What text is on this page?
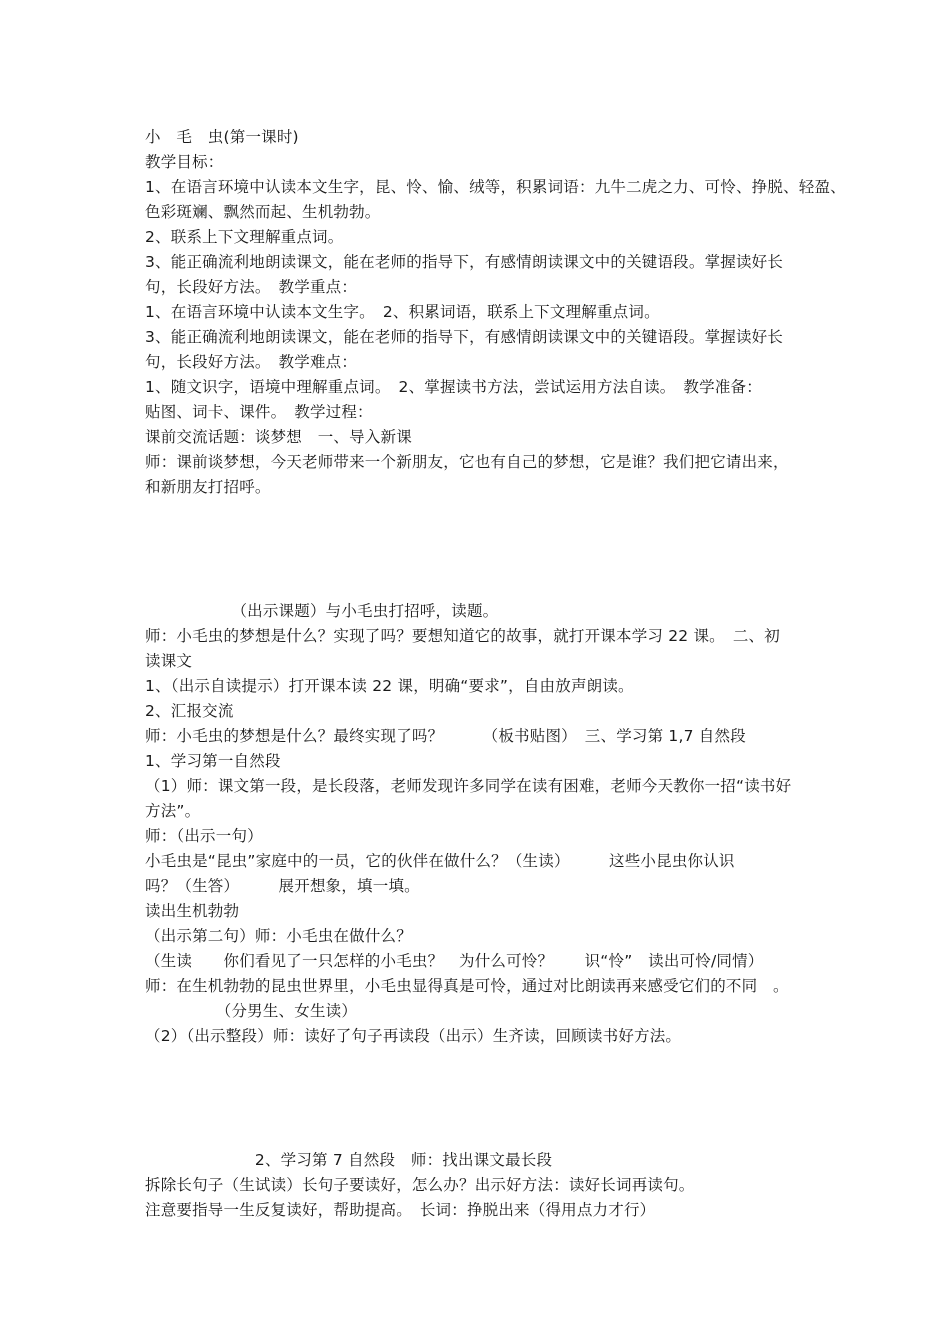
小　毛　虫(第一课时)
教学目标：
1、在语言环境中认读本文生字，昆、怜、愉、绒等，积累词语：九牛二虎之力、可怜、挣脱、轻盈、
色彩斑斓、飘然而起、生机勃勃。
2、联系上下文理解重点词。
3、能正确流利地朗读课文，能在老师的指导下，有感情朗读课文中的关键语段。掌握读好长
句，长段好方法。　教学重点：
1、在语言环境中认读本文生字。　2、积累词语，联系上下文理解重点词。
3、能正确流利地朗读课文，能在老师的指导下，有感情朗读课文中的关键语段。掌握读好长
句，长段好方法。　教学难点：
1、随文识字，语境中理解重点词。　2、掌握读书方法，尝试运用方法自读。　教学准备：
贴图、词卡、课件。　教学过程：
课前交流话题：谈梦想　一、导入新课
师：课前谈梦想，今天老师带来一个新朋友，它也有自己的梦想，它是谁？我们把它请出来，
和新朋友打招呼。
　　　　　　（出示课题）与小毛虫打招呼，读题。
师：小毛虫的梦想是什么？实现了吗？要想知道它的故事，就打开课本学习 22 课。　二、初
读课文
1、（出示自读提示）打开课本读 22 课，明确“要求”，自由放声朗读。
2、汇报交流
师：小毛虫的梦想是什么？最终实现了吗？　　　（板书贴图）　三、学习第 1,7 自然段
1、学习第一自然段
（1）师：课文第一段，是长段落，老师发现许多同学在读有困难，老师今天教你一招“读书好
方法”。
师：（出示一句）
小毛虫是“昆虫”家庭中的一员，它的伙伴在做什么？（生读）　　　这些小昆虫你认识
吗？（生答）　　　展开想象，填一填。
读出生机勃勃
（出示第二句）师：小毛虫在做什么？
（生读　　你们看见了一只怎样的小毛虫？　为什么可怜？　　识“怜”　读出可怜/同情）
师：在生机勃勃的昆虫世界里，小毛虫显得真是可怜，通过对比朗读再来感受它们的不同　。
　　　　　（分男生、女生读）
（2）（出示整段）师：读好了句子再读段（出示）生齐读，回顾读书好方法。
　　　　　　　2、学习第 7 自然段　师：找出课文最长段
拆除长句子（生试读）长句子要读好，怎么办？出示好方法：读好长词再读句。
注意要指导一生反复读好，帮助提高。　长词：挣脱出来（得用点力才行）
